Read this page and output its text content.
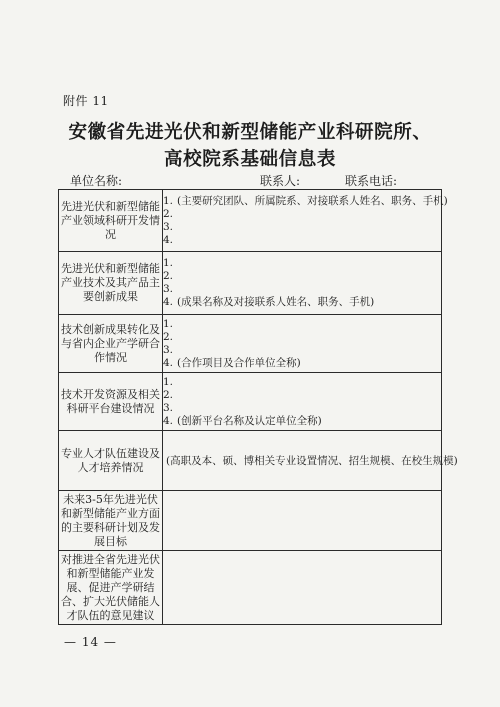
附件 11
安徽省先进光伏和新型储能产业科研院所、
高校院系基础信息表
单位名称:	联系人:	联系电话:
先进光伏和新型储能产业领域科研开发情况	1. (主要研究团队、所属院系、对接联系人姓名、职务、手机)
2.
3.
4.

先进光伏和新型储能产业技术及其产品主要创新成果	1.
2.
3.
4. (成果名称及对接联系人姓名、职务、手机)

技术创新成果转化及与省内企业产学研合作情况	1.
2.
3.
4. (合作项目及合作单位全称)

技术开发资源及相关科研平台建设情况	1.
2.
3.
4. (创新平台名称及认定单位全称)

专业人才队伍建设及人才培养情况	(高职及本、硕、博相关专业设置情况、招生规模、在校生规模)
未来3-5年先进光伏和新型储能产业方面的主要科研计划及发展目标	
对推进全省先进光伏和新型储能产业发展、促进产学研结合、扩大光伏储能人才队伍的意见建议	
— 14 —
